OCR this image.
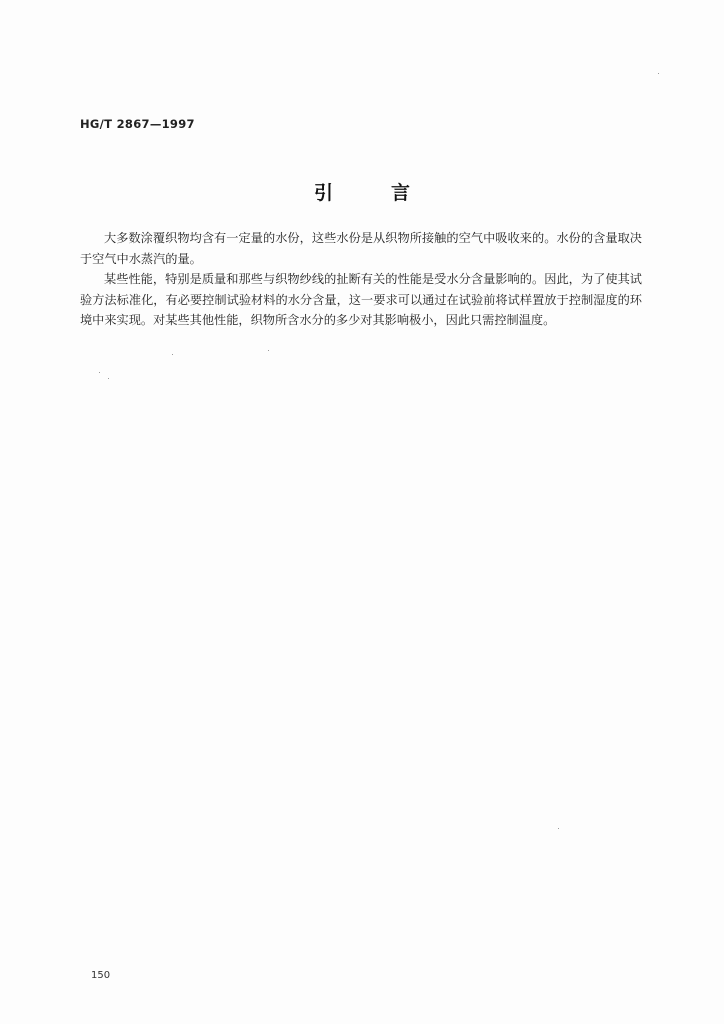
HG/T 2867—1997
引	言

大多数涂覆织物均含有一定量的水份，这些水份是从织物所接触的空气中吸收来的。水份的含量取决于空气中水蒸汽的量。

某些性能，特别是质量和那些与织物纱线的扯断有关的性能是受水分含量影响的。因此，为了使其试验方法标准化，有必要控制试验材料的水分含量，这一要求可以通过在试验前将试样置放于控制湿度的环境中来实现。对某些其他性能，织物所含水分的多少对其影响极小，因此只需控制温度。

150
